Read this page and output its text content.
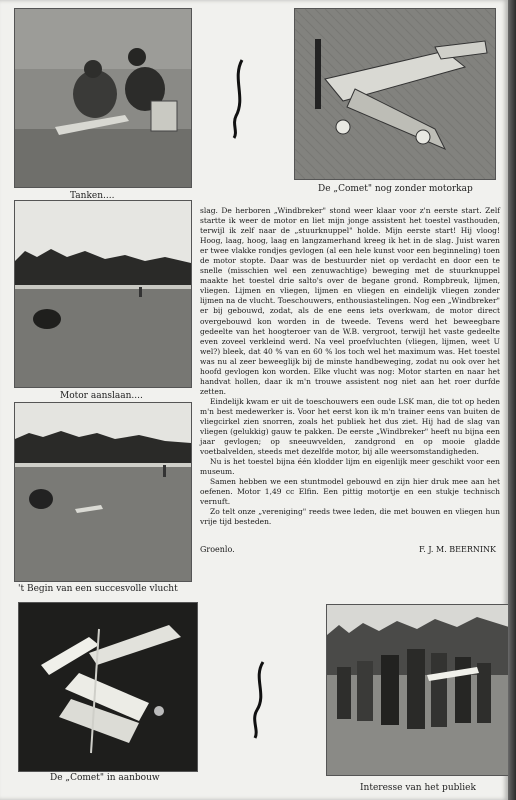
Tanken....
De „Comet" nog zonder motorkap
Motor aanslaan....
't Begin van een succesvolle vlucht

slag. De herboren „Windbreker" stond weer klaar voor z'n eerste start. Zelf startte ik weer de motor en liet mijn jonge assistent het toestel vasthouden, terwijl ik zelf naar de „stuurknuppel" holde. Mijn eerste start! Hij vloog! Hoog, laag, hoog, laag en langzamerhand kreeg ik het in de slag. Juist waren er twee vlakke rondjes gevlogen (al een hele kunst voor een beginneling) toen de motor stopte. Daar was de bestuurder niet op verdacht en door een te snelle (misschien wel een zenuwachtige) beweging met de stuurknuppel maakte het toestel drie salto's over de begane grond. Rompbreuk, lijmen, vliegen. Lijmen en vliegen, lijmen en vliegen en eindelijk vliegen zonder lijmen na de vlucht. Toeschouwers, enthousiastelingen. Nog een „Windbreker" er bij gebouwd, zodat, als de ene eens iets overkwam, de motor direct overgebouwd kon worden in de tweede. Tevens werd het beweegbare gedeelte van het hoogteroer van de W.B. vergroot, terwijl het vaste gedeelte even zoveel verkleind werd. Na veel proefvluchten (vliegen, lijmen, weet U wel?) bleek, dat 40 % van en 60 % los toch wel het maximum was. Het toestel was nu al zeer beweeglijk bij de minste handbeweging, zodat nu ook over het hoofd gevlogen kon worden. Elke vlucht was nog: Motor starten en naar het handvat hollen, daar ik m'n trouwe assistent nog niet aan het roer durfde zetten.

Eindelijk kwam er uit de toeschouwers een oude LSK man, die tot op heden m'n best medewerker is. Voor het eerst kon ik m'n trainer eens van buiten de vliegcirkel zien snorren, zoals het publiek het dus ziet. Hij had de slag van vliegen (gelukkig) gauw te pakken. De eerste „Windbreker" heeft nu bijna een jaar gevlogen; op sneeuwvelden, zandgrond en op mooie gladde voetbalvelden, steeds met dezelfde motor, bij alle weersomstandigheden.

Nu is het toestel bijna één klodder lijm en eigenlijk meer geschikt voor een museum.

Samen hebben we een stuntmodel gebouwd en zijn hier druk mee aan het oefenen. Motor 1,49 cc Elfin. Een pittig motortje en een stukje technisch vernuft.

Zo telt onze „vereniging" reeds twee leden, die met bouwen en vliegen hun vrije tijd besteden.

Groenlo.	F. J. M. BEERNINK
De „Comet" in aanbouw
Interesse van het publiek
